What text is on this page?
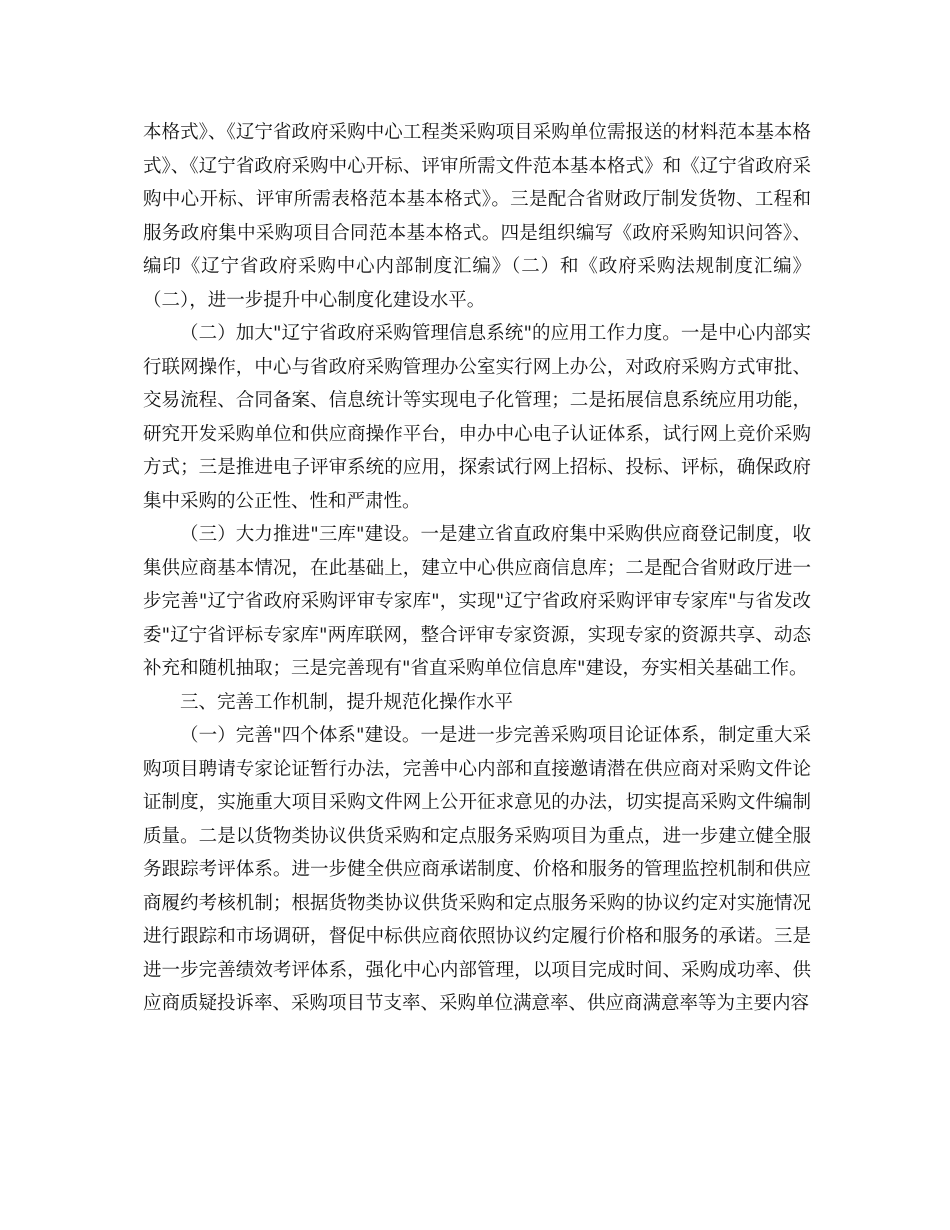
本格式》、《辽宁省政府采购中心工程类采购项目采购单位需报送的材料范本基本格式》、《辽宁省政府采购中心开标、评审所需文件范本基本格式》和《辽宁省政府采购中心开标、评审所需表格范本基本格式》。三是配合省财政厅制发货物、工程和服务政府集中采购项目合同范本基本格式。四是组织编写《政府采购知识问答》、编印《辽宁省政府采购中心内部制度汇编》（二）和《政府采购法规制度汇编》（二），进一步提升中心制度化建设水平。

（二）加大"辽宁省政府采购管理信息系统"的应用工作力度。一是中心内部实行联网操作，中心与省政府采购管理办公室实行网上办公，对政府采购方式审批、交易流程、合同备案、信息统计等实现电子化管理；二是拓展信息系统应用功能，研究开发采购单位和供应商操作平台，申办中心电子认证体系，试行网上竞价采购方式；三是推进电子评审系统的应用，探索试行网上招标、投标、评标，确保政府集中采购的公正性、性和严肃性。

（三）大力推进"三库"建设。一是建立省直政府集中采购供应商登记制度，收集供应商基本情况，在此基础上，建立中心供应商信息库；二是配合省财政厅进一步完善"辽宁省政府采购评审专家库"，实现"辽宁省政府采购评审专家库"与省发改委"辽宁省评标专家库"两库联网，整合评审专家资源，实现专家的资源共享、动态补充和随机抽取；三是完善现有"省直采购单位信息库"建设，夯实相关基础工作。

三、完善工作机制，提升规范化操作水平

（一）完善"四个体系"建设。一是进一步完善采购项目论证体系，制定重大采购项目聘请专家论证暂行办法，完善中心内部和直接邀请潜在供应商对采购文件论证制度，实施重大项目采购文件网上公开征求意见的办法，切实提高采购文件编制质量。二是以货物类协议供货采购和定点服务采购项目为重点，进一步建立健全服务跟踪考评体系。进一步健全供应商承诺制度、价格和服务的管理监控机制和供应商履约考核机制；根据货物类协议供货采购和定点服务采购的协议约定对实施情况进行跟踪和市场调研，督促中标供应商依照协议约定履行价格和服务的承诺。三是进一步完善绩效考评体系，强化中心内部管理，以项目完成时间、采购成功率、供应商质疑投诉率、采购项目节支率、采购单位满意率、供应商满意率等为主要内容
